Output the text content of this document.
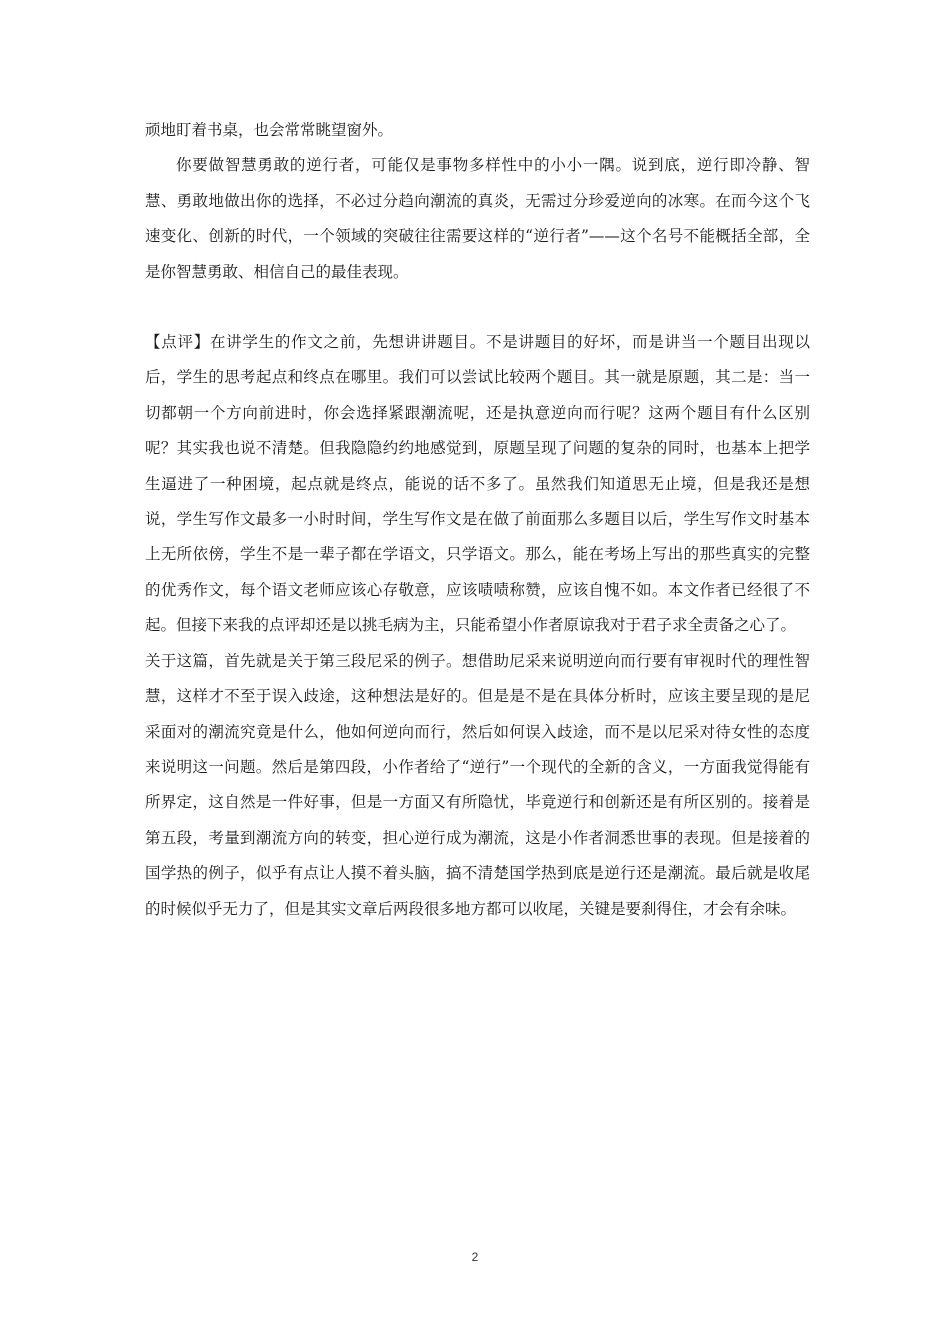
顽地盯着书桌，也会常常眺望窗外。

你要做智慧勇敢的逆行者，可能仅是事物多样性中的小小一隅。说到底，逆行即冷静、智慧、勇敢地做出你的选择，不必过分趋向潮流的真炎，无需过分珍爱逆向的冰寒。在而今这个飞速变化、创新的时代，一个领域的突破往往需要这样的“逆行者”——这个名号不能概括全部，全是你智慧勇敢、相信自己的最佳表现。

【点评】在讲学生的作文之前，先想讲讲题目。不是讲题目的好坏，而是讲当一个题目出现以后，学生的思考起点和终点在哪里。我们可以尝试比较两个题目。其一就是原题，其二是：当一切都朝一个方向前进时，你会选择紧跟潮流呢，还是执意逆向而行呢？这两个题目有什么区别呢？其实我也说不清楚。但我隐隐约约地感觉到，原题呈现了问题的复杂的同时，也基本上把学生逼进了一种困境，起点就是终点，能说的话不多了。虽然我们知道思无止境，但是我还是想说，学生写作文最多一小时时间，学生写作文是在做了前面那么多题目以后，学生写作文时基本上无所依傍，学生不是一辈子都在学语文，只学语文。那么，能在考场上写出的那些真实的完整的优秀作文，每个语文老师应该心存敬意，应该啧啧称赞，应该自愧不如。本文作者已经很了不起。但接下来我的点评却还是以挑毛病为主，只能希望小作者原谅我对于君子求全责备之心了。

关于这篇，首先就是关于第三段尼采的例子。想借助尼采来说明逆向而行要有审视时代的理性智慧，这样才不至于误入歧途，这种想法是好的。但是是不是在具体分析时，应该主要呈现的是尼采面对的潮流究竟是什么，他如何逆向而行，然后如何误入歧途，而不是以尼采对待女性的态度来说明这一问题。然后是第四段，小作者给了“逆行”一个现代的全新的含义，一方面我觉得能有所界定，这自然是一件好事，但是一方面又有所隐忧，毕竟逆行和创新还是有所区别的。接着是第五段，考量到潮流方向的转变，担心逆行成为潮流，这是小作者洞悉世事的表现。但是接着的国学热的例子，似乎有点让人摸不着头脑，搞不清楚国学热到底是逆行还是潮流。最后就是收尾的时候似乎无力了，但是其实文章后两段很多地方都可以收尾，关键是要刹得住，才会有余味。

2
